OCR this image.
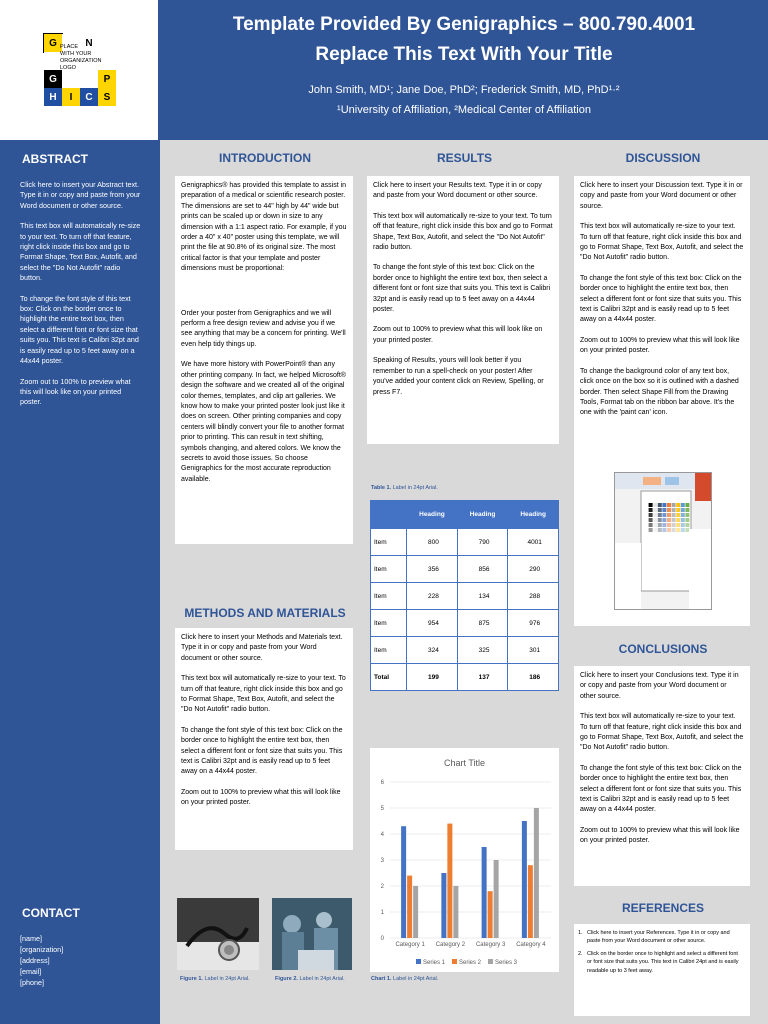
G	N
G	P
H	I	C	S
PLACE
WITH YOUR
ORGANIZATION
LOGO
Template Provided By Genigraphics – 800.790.4001
Replace This Text With Your Title
John Smith, MD¹; Jane Doe, PhD²; Frederick Smith, MD, PhD¹·²
¹University of Affiliation, ²Medical Center of Affiliation
ABSTRACT

Click here to insert your Abstract text. Type it in or copy and paste from your Word document or other source.

This text box will automatically re-size to your text. To turn off that feature, right click inside this box and go to Format Shape, Text Box, Autofit, and select the "Do Not Autofit" radio button.

To change the font style of this text box: Click on the border once to highlight the entire text box, then select a different font or font size that suits you. This text is Calibri 32pt and is easily read up to 5 feet away on a 44x44 poster.

Zoom out to 100% to preview what this will look like on your printed poster.

CONTACT
[name]
[organization]
[address]
[email]
[phone]
INTRODUCTION

Genigraphics® has provided this template to assist in preparation of a medical or scientific research poster. The dimensions are set to 44" high by 44" wide but prints can be scaled up or down in size to any dimension with a 1:1 aspect ratio. For example, if you order a 40" x 40" poster using this template, we will print the file at 90.8% of its original size. The most critical factor is that your template and poster dimensions must be proportional:

Order your poster from Genigraphics and we will perform a free design review and advise you if we see anything that may be a concern for printing. We'll even help tidy things up.

We have more history with PowerPoint® than any other printing company. In fact, we helped Microsoft® design the software and we created all of the original color themes, templates, and clip art galleries. We know how to make your printed poster look just like it does on screen. Other printing companies and copy centers will blindly convert your file to another format prior to printing. This can result in text shifting, symbols changing, and altered colors. We know the secrets to avoid those issues. So choose Genigraphics for the most accurate reproduction available.

METHODS AND MATERIALS

Click here to insert your Methods and Materials text. Type it in or copy and paste from your Word document or other source.

This text box will automatically re-size to your text. To turn off that feature, right click inside this box and go to Format Shape, Text Box, Autofit, and select the "Do Not Autofit" radio button.

To change the font style of this text box: Click on the border once to highlight the entire text box, then select a different font or font size that suits you. This text is Calibri 32pt and is easily read up to 5 feet away on a 44x44 poster.

Zoom out to 100% to preview what this will look like on your printed poster.

Figure 1. Label in 24pt Arial.	Figure 2. Label in 24pt Arial.
RESULTS

Click here to insert your Results text. Type it in or copy and paste from your Word document or other source.

This text box will automatically re-size to your text. To turn off that feature, right click inside this box and go to Format Shape, Text Box, Autofit, and select the "Do Not Autofit" radio button.

To change the font style of this text box: Click on the border once to highlight the entire text box, then select a different font or font size that suits you. This text is Calibri 32pt and is easily read up to 5 feet away on a 44x44 poster.

Zoom out to 100% to preview what this will look like on your printed poster.

Speaking of Results, yours will look better if you remember to run a spell-check on your poster! After you've added your content click on Review, Spelling, or press F7.

Table 1. Label in 24pt Arial.
	Heading	Heading	Heading
Item	800	790	4001
Item	356	856	290
Item	228	134	288
Item	954	875	976
Item	324	325	301
Total	199	137	186
Chart Title
0
1
2
3
4
5
6
Category 1 Category 2 Category 3 Category 4
Series 1 Series 2 Series 3
Chart 1. Label in 24pt Arial.
DISCUSSION

Click here to insert your Discussion text. Type it in or copy and paste from your Word document or other source.

This text box will automatically re-size to your text. To turn off that feature, right click inside this box and go to Format Shape, Text Box, Autofit, and select the "Do Not Autofit" radio button.

To change the font style of this text box: Click on the border once to highlight the entire text box, then select a different font or font size that suits you. This text is Calibri 32pt and is easily read up to 5 feet away on a 44x44 poster.

Zoom out to 100% to preview what this will look like on your printed poster.

To change the background color of any text box, click once on the box so it is outlined with a dashed border. Then select Shape Fill from the Drawing Tools, Format tab on the ribbon bar above. It's the one with the 'paint can' icon.

CONCLUSIONS

Click here to insert your Conclusions text. Type it in or copy and paste from your Word document or other source.

This text box will automatically re-size to your text. To turn off that feature, right click inside this box and go to Format Shape, Text Box, Autofit, and select the "Do Not Autofit" radio button.

To change the font style of this text box: Click on the border once to highlight the entire text box, then select a different font or font size that suits you. This text is Calibri 32pt and is easily read up to 5 feet away on a 44x44 poster.

Zoom out to 100% to preview what this will look like on your printed poster.

REFERENCES
1. Click here to insert your References. Type it in or copy and paste from your Word document or other source.
2. Click on the border once to highlight and select a different font or font size that suits you. This text in Calibri 24pt and is easily readable up to 3 feet away.
